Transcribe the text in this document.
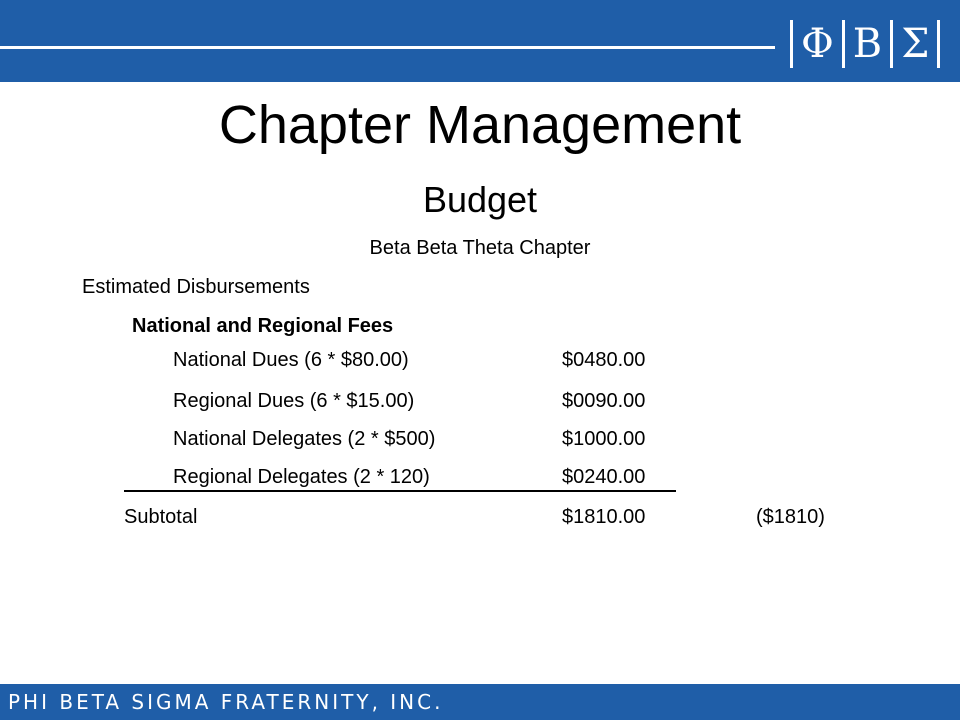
Φ Β Σ
Chapter Management
Budget
Beta Beta Theta Chapter
Estimated Disbursements
National and Regional Fees
National Dues (6 * $80.00)	$0480.00
Regional Dues (6 * $15.00)	$0090.00
National Delegates (2 * $500)	$1000.00
Regional Delegates (2 * 120)	$0240.00
Subtotal	$1810.00	($1810)
PHI BETA SIGMA FRATERNITY, INC.
